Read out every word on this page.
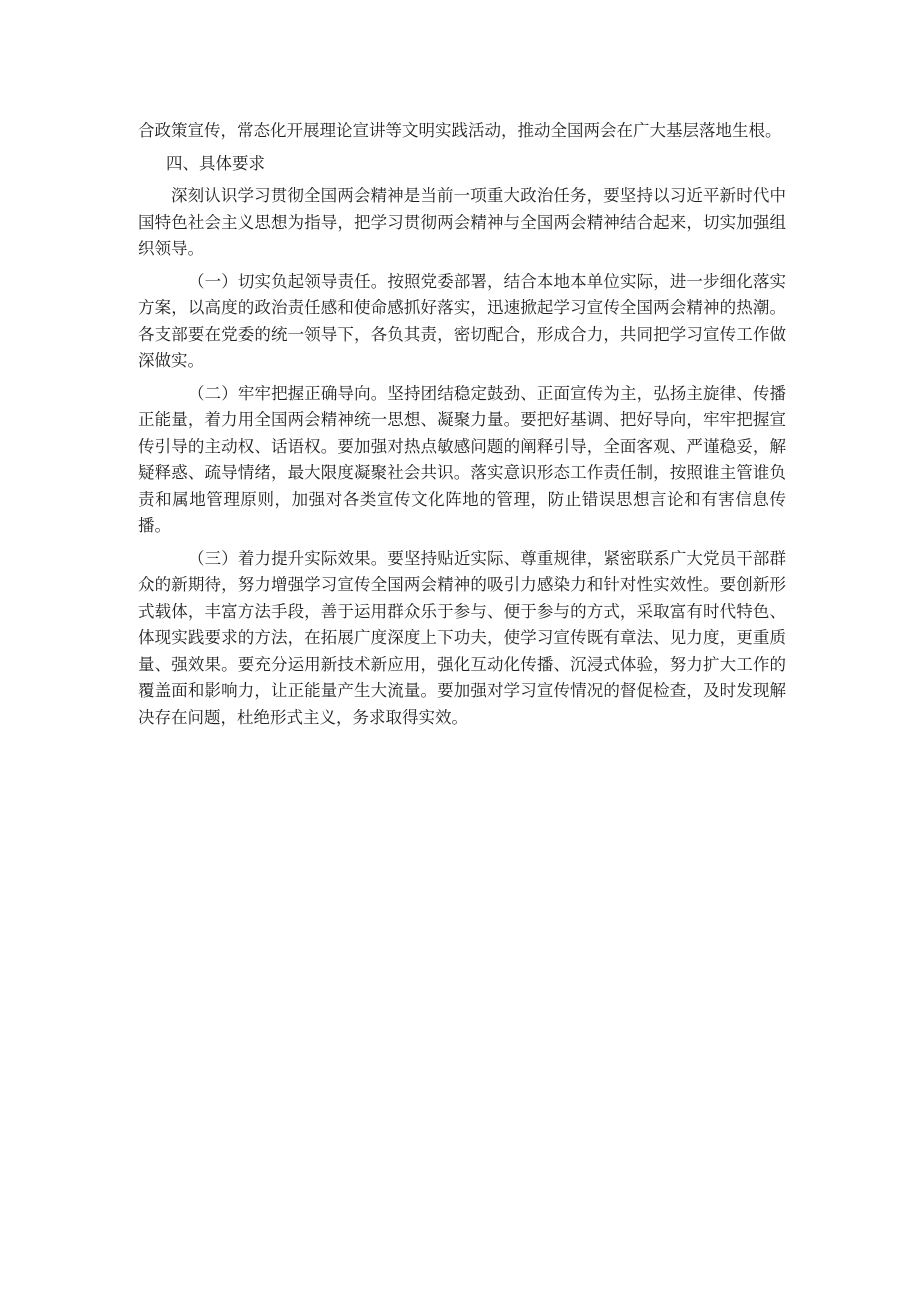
合政策宣传，常态化开展理论宣讲等文明实践活动，推动全国两会在广大基层落地生根。

四、具体要求

深刻认识学习贯彻全国两会精神是当前一项重大政治任务，要坚持以习近平新时代中国特色社会主义思想为指导，把学习贯彻两会精神与全国两会精神结合起来，切实加强组织领导。

（一）切实负起领导责任。按照党委部署，结合本地本单位实际，进一步细化落实方案，以高度的政治责任感和使命感抓好落实，迅速掀起学习宣传全国两会精神的热潮。各支部要在党委的统一领导下，各负其责，密切配合，形成合力，共同把学习宣传工作做深做实。

（二）牢牢把握正确导向。坚持团结稳定鼓劲、正面宣传为主，弘扬主旋律、传播正能量，着力用全国两会精神统一思想、凝聚力量。要把好基调、把好导向，牢牢把握宣传引导的主动权、话语权。要加强对热点敏感问题的阐释引导，全面客观、严谨稳妥，解疑释惑、疏导情绪，最大限度凝聚社会共识。落实意识形态工作责任制，按照谁主管谁负责和属地管理原则，加强对各类宣传文化阵地的管理，防止错误思想言论和有害信息传播。

（三）着力提升实际效果。要坚持贴近实际、尊重规律，紧密联系广大党员干部群众的新期待，努力增强学习宣传全国两会精神的吸引力感染力和针对性实效性。要创新形式载体，丰富方法手段，善于运用群众乐于参与、便于参与的方式，采取富有时代特色、体现实践要求的方法，在拓展广度深度上下功夫，使学习宣传既有章法、见力度，更重质量、强效果。要充分运用新技术新应用，强化互动化传播、沉浸式体验，努力扩大工作的覆盖面和影响力，让正能量产生大流量。要加强对学习宣传情况的督促检查，及时发现解决存在问题，杜绝形式主义，务求取得实效。
